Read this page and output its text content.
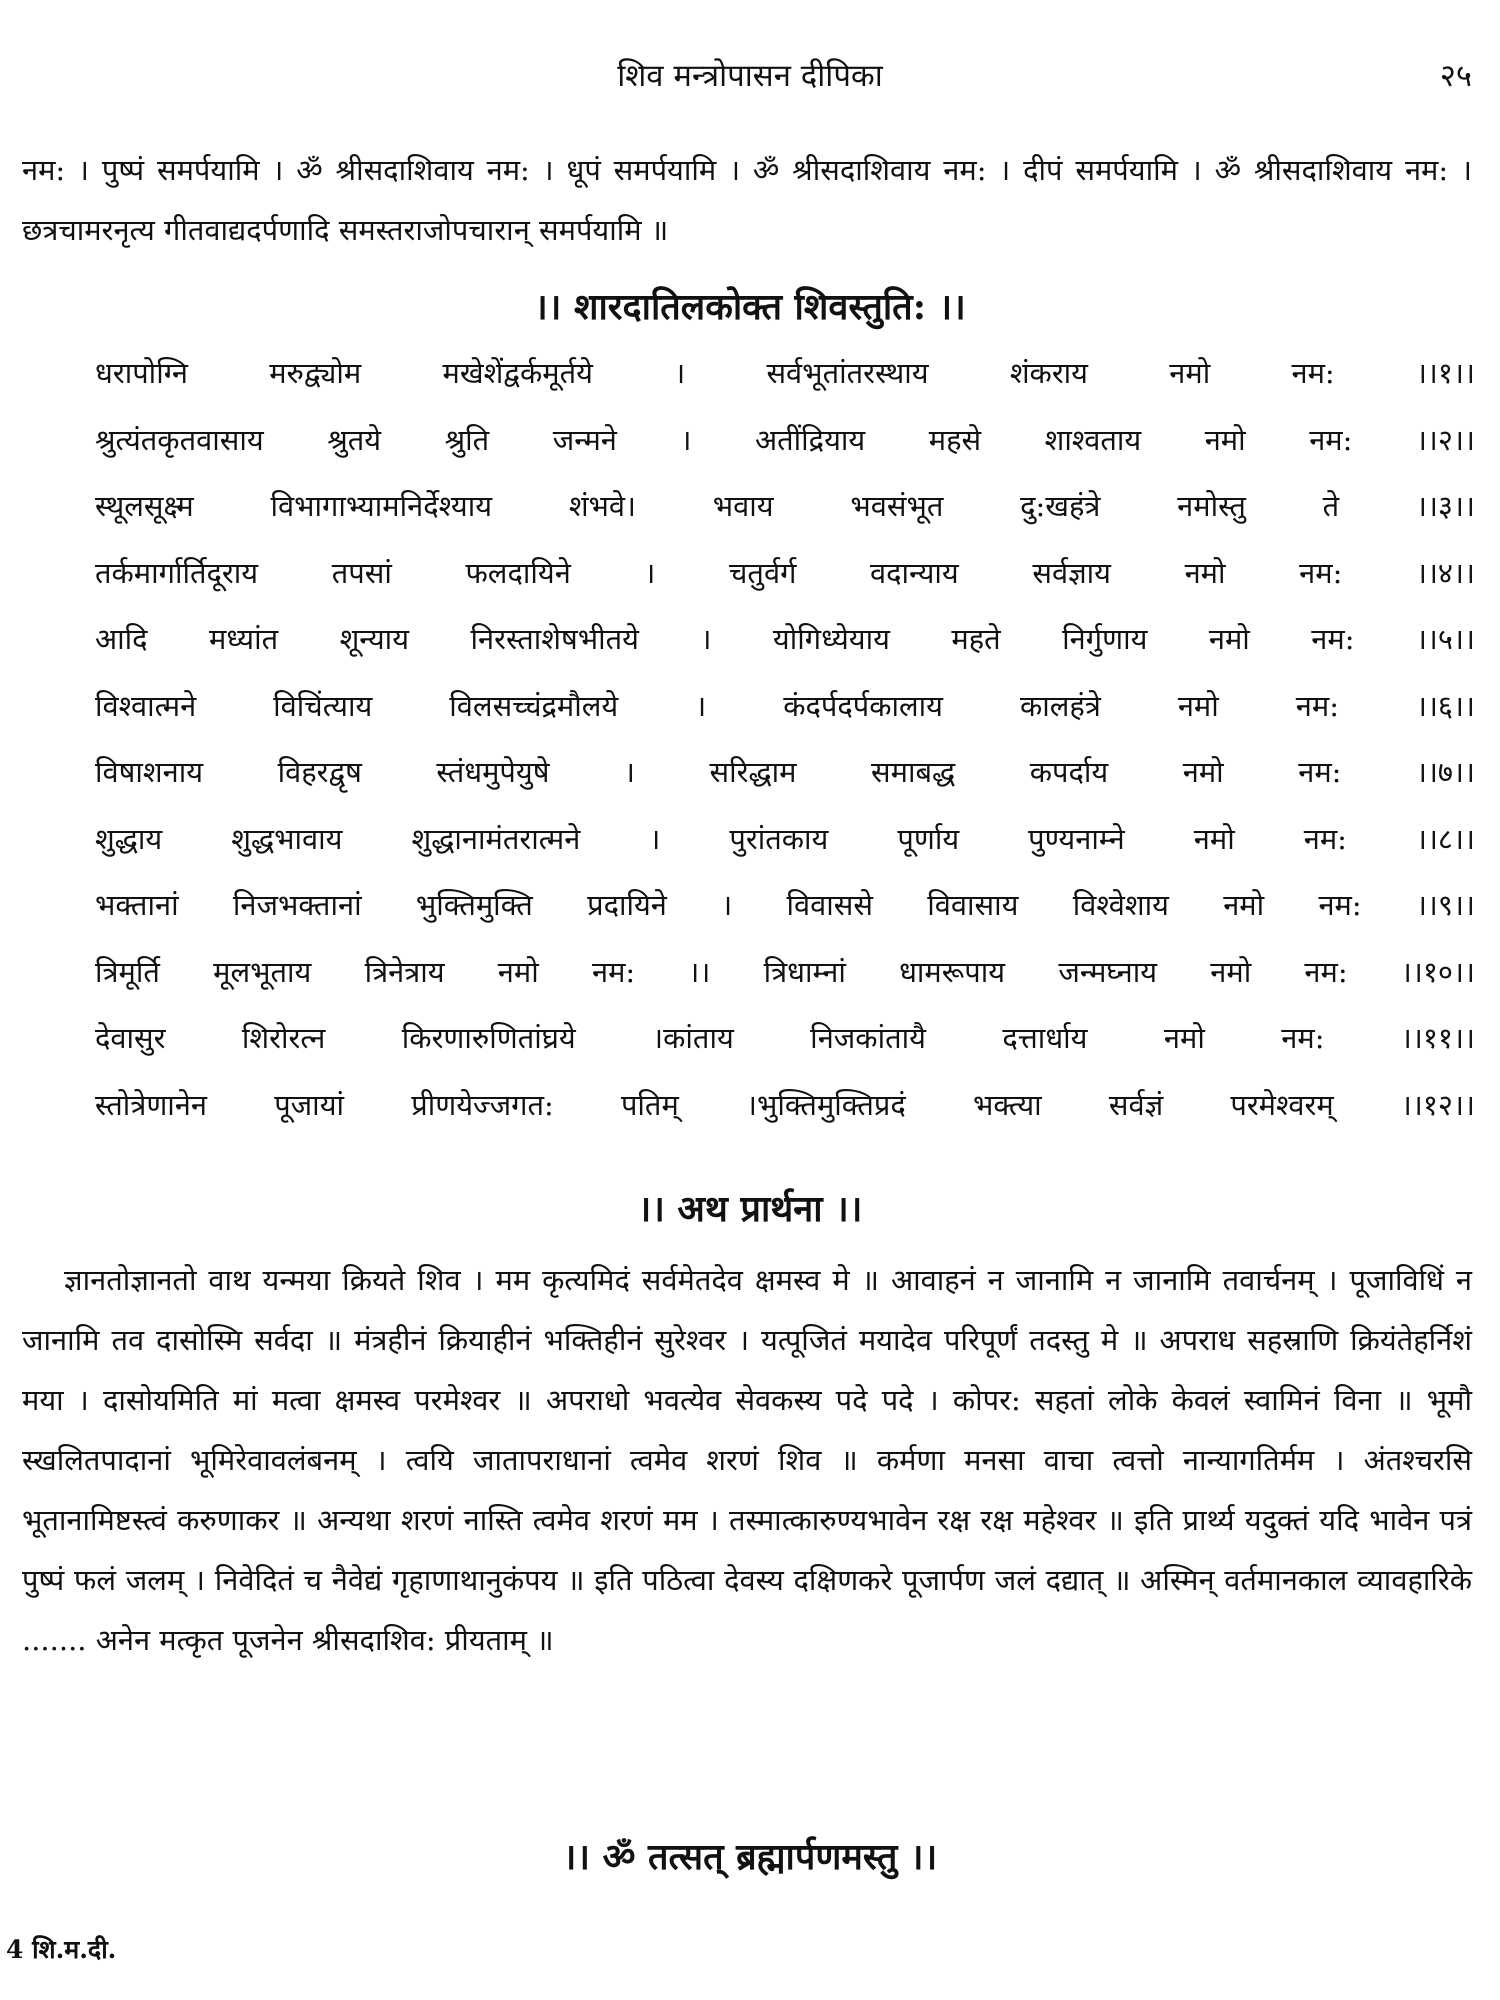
शिव मन्त्रोपासन दीपिका	२५

नम: । पुष्पं समर्पयामि । ॐ श्रीसदाशिवाय नम: । धूपं समर्पयामि । ॐ श्रीसदाशिवाय नम: । दीपं समर्पयामि । ॐ श्रीसदाशिवाय नम: । छत्रचामरनृत्य गीतवाद्यदर्पणादि समस्तराजोपचारान् समर्पयामि ॥

।। शारदातिलकोक्त शिवस्तुति: ।।
धरापोग्नि मरुद्व्योम मखेशेंद्वर्कमूर्तये । सर्वभूतांतरस्थाय शंकराय नमो नम: ।।१।।
श्रुत्यंतकृतवासाय श्रुतये श्रुति जन्मने । अतींद्रियाय महसे शाश्वताय नमो नम: ।।२।।
स्थूलसूक्ष्म विभागाभ्यामनिर्देश्याय शंभवे। भवाय भवसंभूत दु:खहंत्रे नमोस्तु ते ।।३।।
तर्कमार्गार्तिदूराय तपसां फलदायिने । चतुर्वर्ग वदान्याय सर्वज्ञाय नमो नम: ।।४।।
आदि मध्यांत शून्याय निरस्ताशेषभीतये । योगिध्येयाय महते निर्गुणाय नमो नम: ।।५।।
विश्वात्मने विचिंत्याय विलसच्चंद्रमौलये । कंदर्पदर्पकालाय कालहंत्रे नमो नम: ।।६।।
विषाशनाय विहरद्वृष स्तंधमुपेयुषे । सरिद्धाम समाबद्ध कपर्दाय नमो नम: ।।७।।
शुद्धाय शुद्धभावाय शुद्धानामंतरात्मने । पुरांतकाय पूर्णाय पुण्यनाम्ने नमो नम: ।।८।।
भक्तानां निजभक्तानां भुक्तिमुक्ति प्रदायिने । विवाससे विवासाय विश्वेशाय नमो नम: ।।९।।
त्रिमूर्ति मूलभूताय त्रिनेत्राय नमो नम: ।। त्रिधाम्नां धामरूपाय जन्मघ्नाय नमो नम: ।।१०।।
देवासुर शिरोरत्न किरणारुणितांघ्रये ।कांताय निजकांतायै दत्तार्धाय नमो नम: ।।११।।
स्तोत्रेणानेन पूजायां प्रीणयेज्जगत: पतिम् ।भुक्तिमुक्तिप्रदं भक्त्या सर्वज्ञं परमेश्वरम् ।।१२।।
।। अथ प्रार्थना ।।

ज्ञानतोज्ञानतो वाथ यन्मया क्रियते शिव । मम कृत्यमिदं सर्वमेतदेव क्षमस्व मे ॥ आवाहनं न जानामि न जानामि तवार्चनम् । पूजाविधिं न जानामि तव दासोस्मि सर्वदा ॥ मंत्रहीनं क्रियाहीनं भक्तिहीनं सुरेश्वर । यत्पूजितं मयादेव परिपूर्णं तदस्तु मे ॥ अपराध सहस्राणि क्रियंतेहर्निशं मया । दासोयमिति मां मत्वा क्षमस्व परमेश्वर ॥ अपराधो भवत्येव सेवकस्य पदे पदे । कोपर: सहतां लोके केवलं स्वामिनं विना ॥ भूमौ स्खलितपादानां भूमिरेवावलंबनम् । त्वयि जातापराधानां त्वमेव शरणं शिव ॥ कर्मणा मनसा वाचा त्वत्तो नान्यागतिर्मम । अंतश्चरसि भूतानामिष्टस्त्वं करुणाकर ॥ अन्यथा शरणं नास्ति त्वमेव शरणं मम । तस्मात्कारुण्यभावेन रक्ष रक्ष महेश्वर ॥ इति प्रार्थ्य यदुक्तं यदि भावेन पत्रं पुष्पं फलं जलम् । निवेदितं च नैवेद्यं गृहाणाथानुकंपय ॥ इति पठित्वा देवस्य दक्षिणकरे पूजार्पण जलं दद्यात् ॥ अस्मिन् वर्तमानकाल व्यावहारिके ....... अनेन मत्कृत पूजनेन श्रीसदाशिव: प्रीयताम् ॥

।। ॐ तत्सत् ब्रह्मार्पणमस्तु ।।
4 शि.म.दी.
